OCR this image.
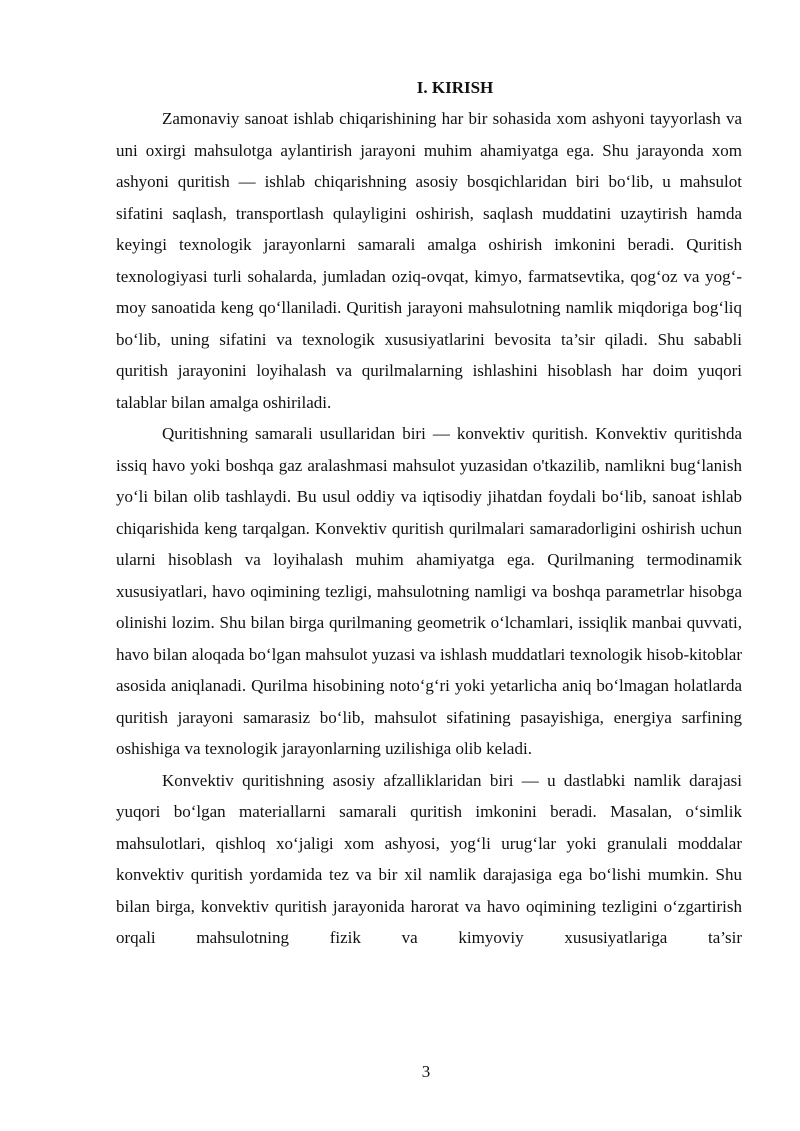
I. KIRISH

Zamonaviy sanoat ishlab chiqarishining har bir sohasida xom ashyoni tayyorlash va uni oxirgi mahsulotga aylantirish jarayoni muhim ahamiyatga ega. Shu jarayonda xom ashyoni quritish — ishlab chiqarishning asosiy bosqichlaridan biri bo‘lib, u mahsulot sifatini saqlash, transportlash qulayligini oshirish, saqlash muddatini uzaytirish hamda keyingi texnologik jarayonlarni samarali amalga oshirish imkonini beradi. Quritish texnologiyasi turli sohalarda, jumladan oziq-ovqat, kimyo, farmatsevtika, qog‘oz va yog‘-moy sanoatida keng qo‘llaniladi. Quritish jarayoni mahsulotning namlik miqdoriga bog‘liq bo‘lib, uning sifatini va texnologik xususiyatlarini bevosita ta’sir qiladi. Shu sababli quritish jarayonini loyihalash va qurilmalarning ishlashini hisoblash har doim yuqori talablar bilan amalga oshiriladi.

Quritishning samarali usullaridan biri — konvektiv quritish. Konvektiv quritishda issiq havo yoki boshqa gaz aralashmasi mahsulot yuzasidan o'tkazilib, namlikni bug‘lanish yo‘li bilan olib tashlaydi. Bu usul oddiy va iqtisodiy jihatdan foydali bo‘lib, sanoat ishlab chiqarishida keng tarqalgan. Konvektiv quritish qurilmalari samaradorligini oshirish uchun ularni hisoblash va loyihalash muhim ahamiyatga ega. Qurilmaning termodinamik xususiyatlari, havo oqimining tezligi, mahsulotning namligi va boshqa parametrlar hisobga olinishi lozim. Shu bilan birga qurilmaning geometrik o‘lchamlari, issiqlik manbai quvvati, havo bilan aloqada bo‘lgan mahsulot yuzasi va ishlash muddatlari texnologik hisob-kitoblar asosida aniqlanadi. Qurilma hisobining noto‘g‘ri yoki yetarlicha aniq bo‘lmagan holatlarda quritish jarayoni samarasiz bo‘lib, mahsulot sifatining pasayishiga, energiya sarfining oshishiga va texnologik jarayonlarning uzilishiga olib keladi.

Konvektiv quritishning asosiy afzalliklaridan biri — u dastlabki namlik darajasi yuqori bo‘lgan materiallarni samarali quritish imkonini beradi. Masalan, o‘simlik mahsulotlari, qishloq xo‘jaligi xom ashyosi, yog‘li urug‘lar yoki granulali moddalar konvektiv quritish yordamida tez va bir xil namlik darajasiga ega bo‘lishi mumkin. Shu bilan birga, konvektiv quritish jarayonida harorat va havo oqimining tezligini o‘zgartirish orqali mahsulotning fizik va kimyoviy xususiyatlariga ta’sir

3
